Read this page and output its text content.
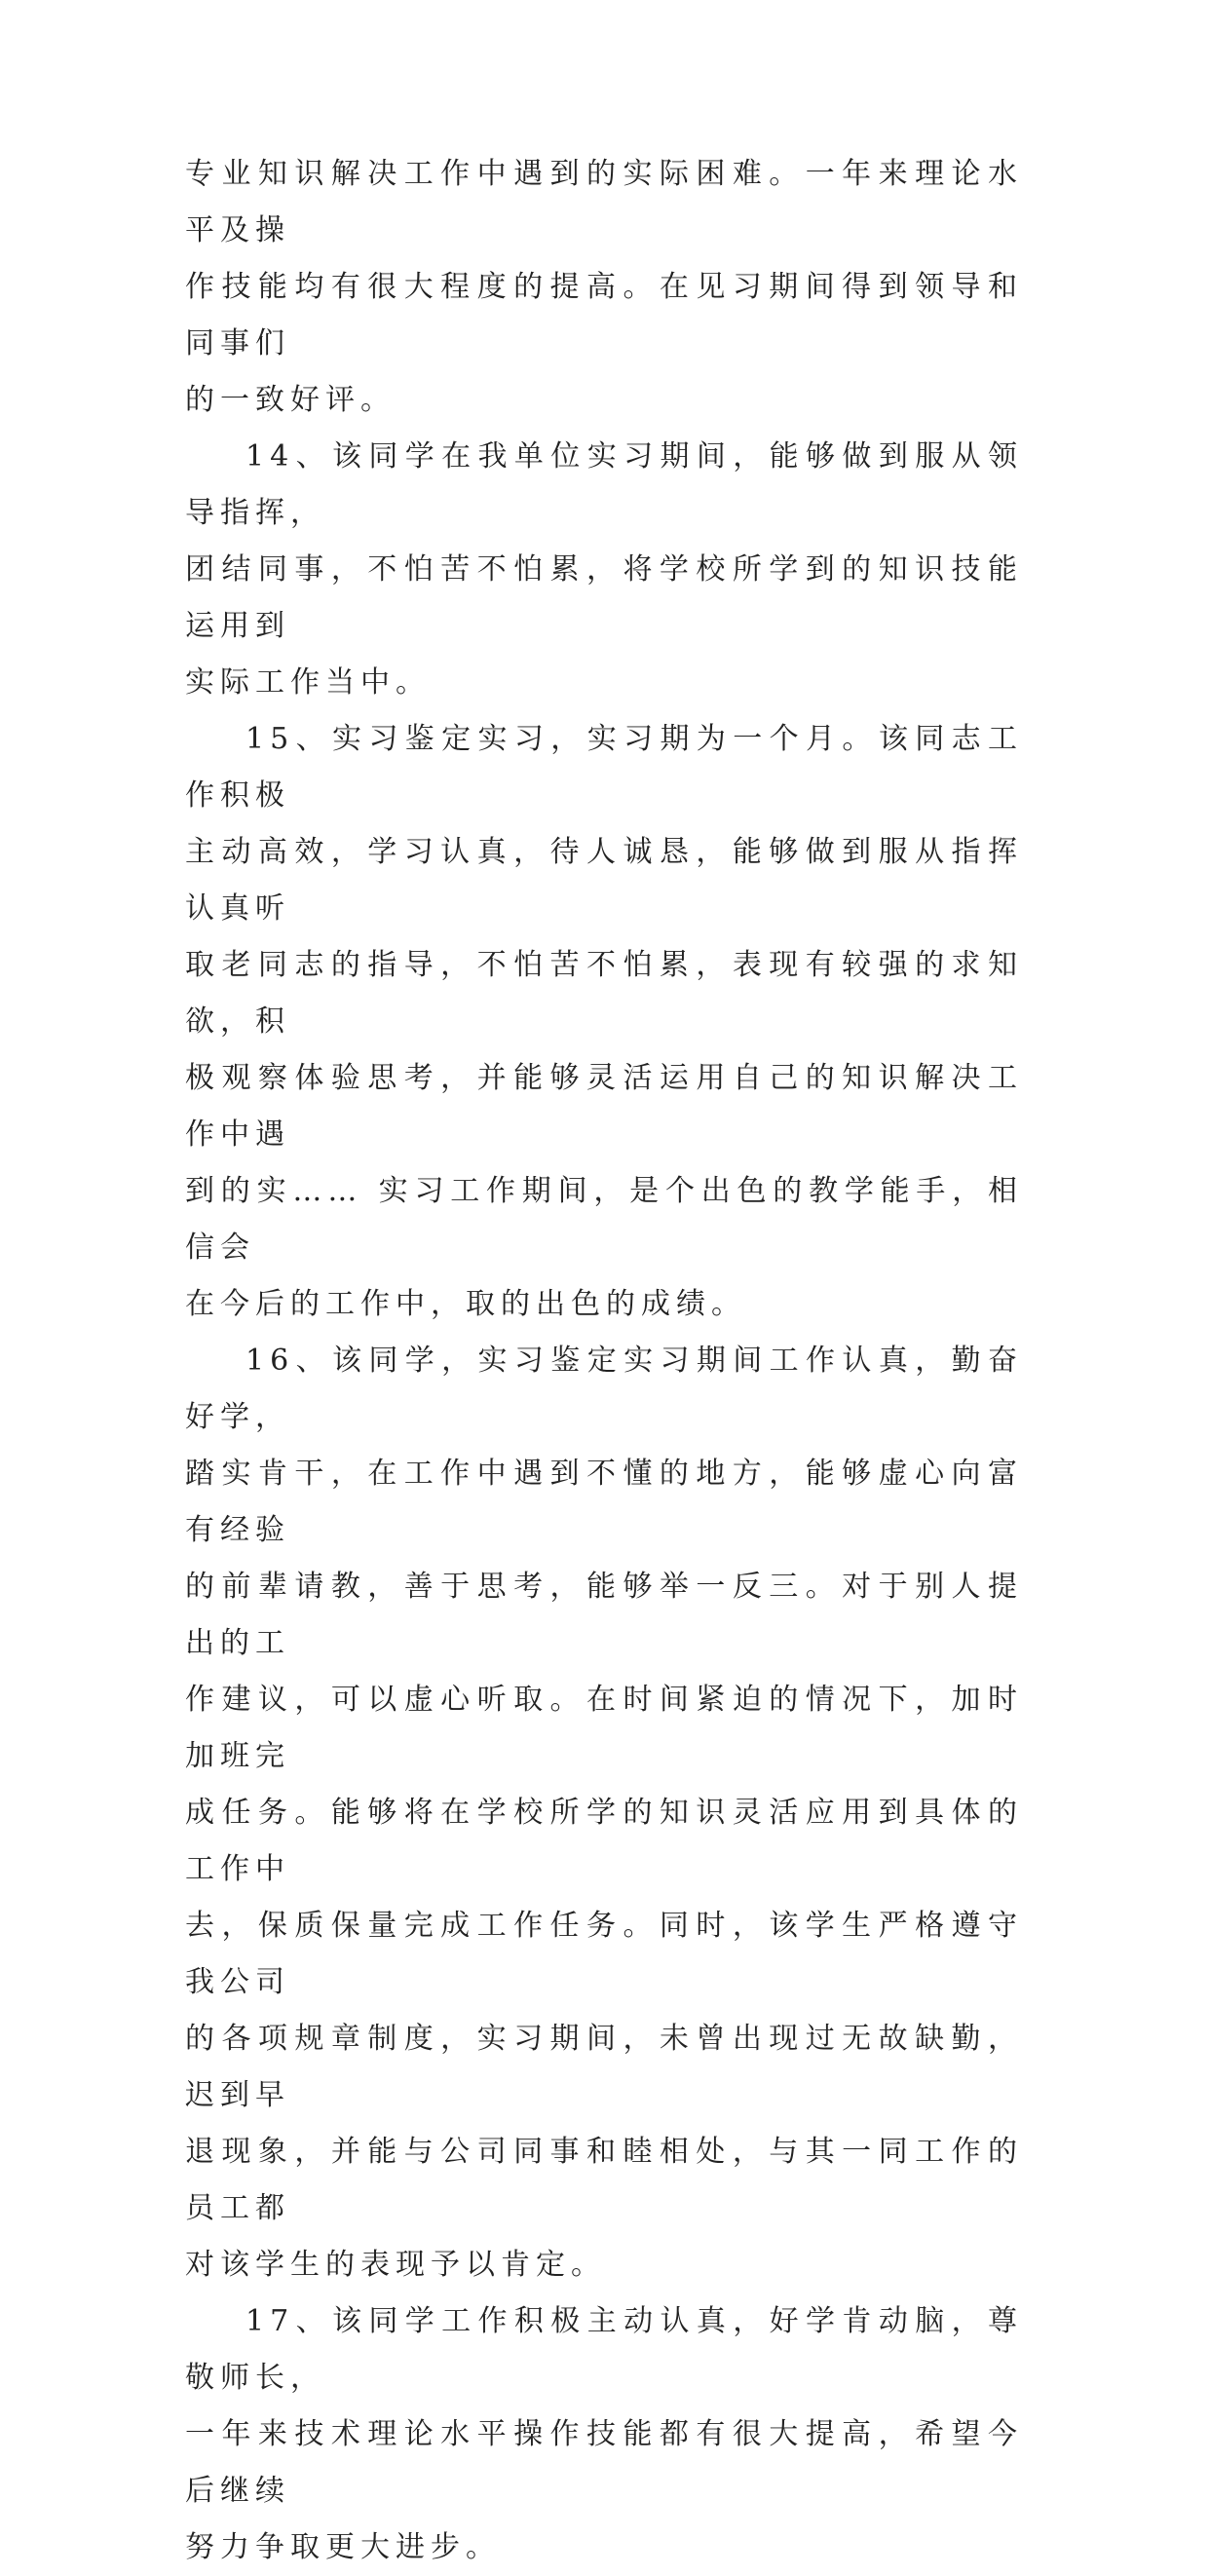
专业知识解决工作中遇到的实际困难。一年来理论水平及操
作技能均有很大程度的提高。在见习期间得到领导和同事们
的一致好评。
14、该同学在我单位实习期间，能够做到服从领导指挥，
团结同事，不怕苦不怕累，将学校所学到的知识技能运用到
实际工作当中。
15、实习鉴定实习，实习期为一个月。该同志工作积极
主动高效，学习认真，待人诚恳，能够做到服从指挥认真听
取老同志的指导，不怕苦不怕累，表现有较强的求知欲，积
极观察体验思考，并能够灵活运用自己的知识解决工作中遇
到的实…… 实习工作期间，是个出色的教学能手，相信会
在今后的工作中，取的出色的成绩。
16、该同学，实习鉴定实习期间工作认真，勤奋好学，
踏实肯干，在工作中遇到不懂的地方，能够虚心向富有经验
的前辈请教，善于思考，能够举一反三。对于别人提出的工
作建议，可以虚心听取。在时间紧迫的情况下，加时加班完
成任务。能够将在学校所学的知识灵活应用到具体的工作中
去，保质保量完成工作任务。同时，该学生严格遵守我公司
的各项规章制度，实习期间，未曾出现过无故缺勤，迟到早
退现象，并能与公司同事和睦相处，与其一同工作的员工都
对该学生的表现予以肯定。
17、该同学工作积极主动认真，好学肯动脑，尊敬师长，
一年来技术理论水平操作技能都有很大提高，希望今后继续
努力争取更大进步。
